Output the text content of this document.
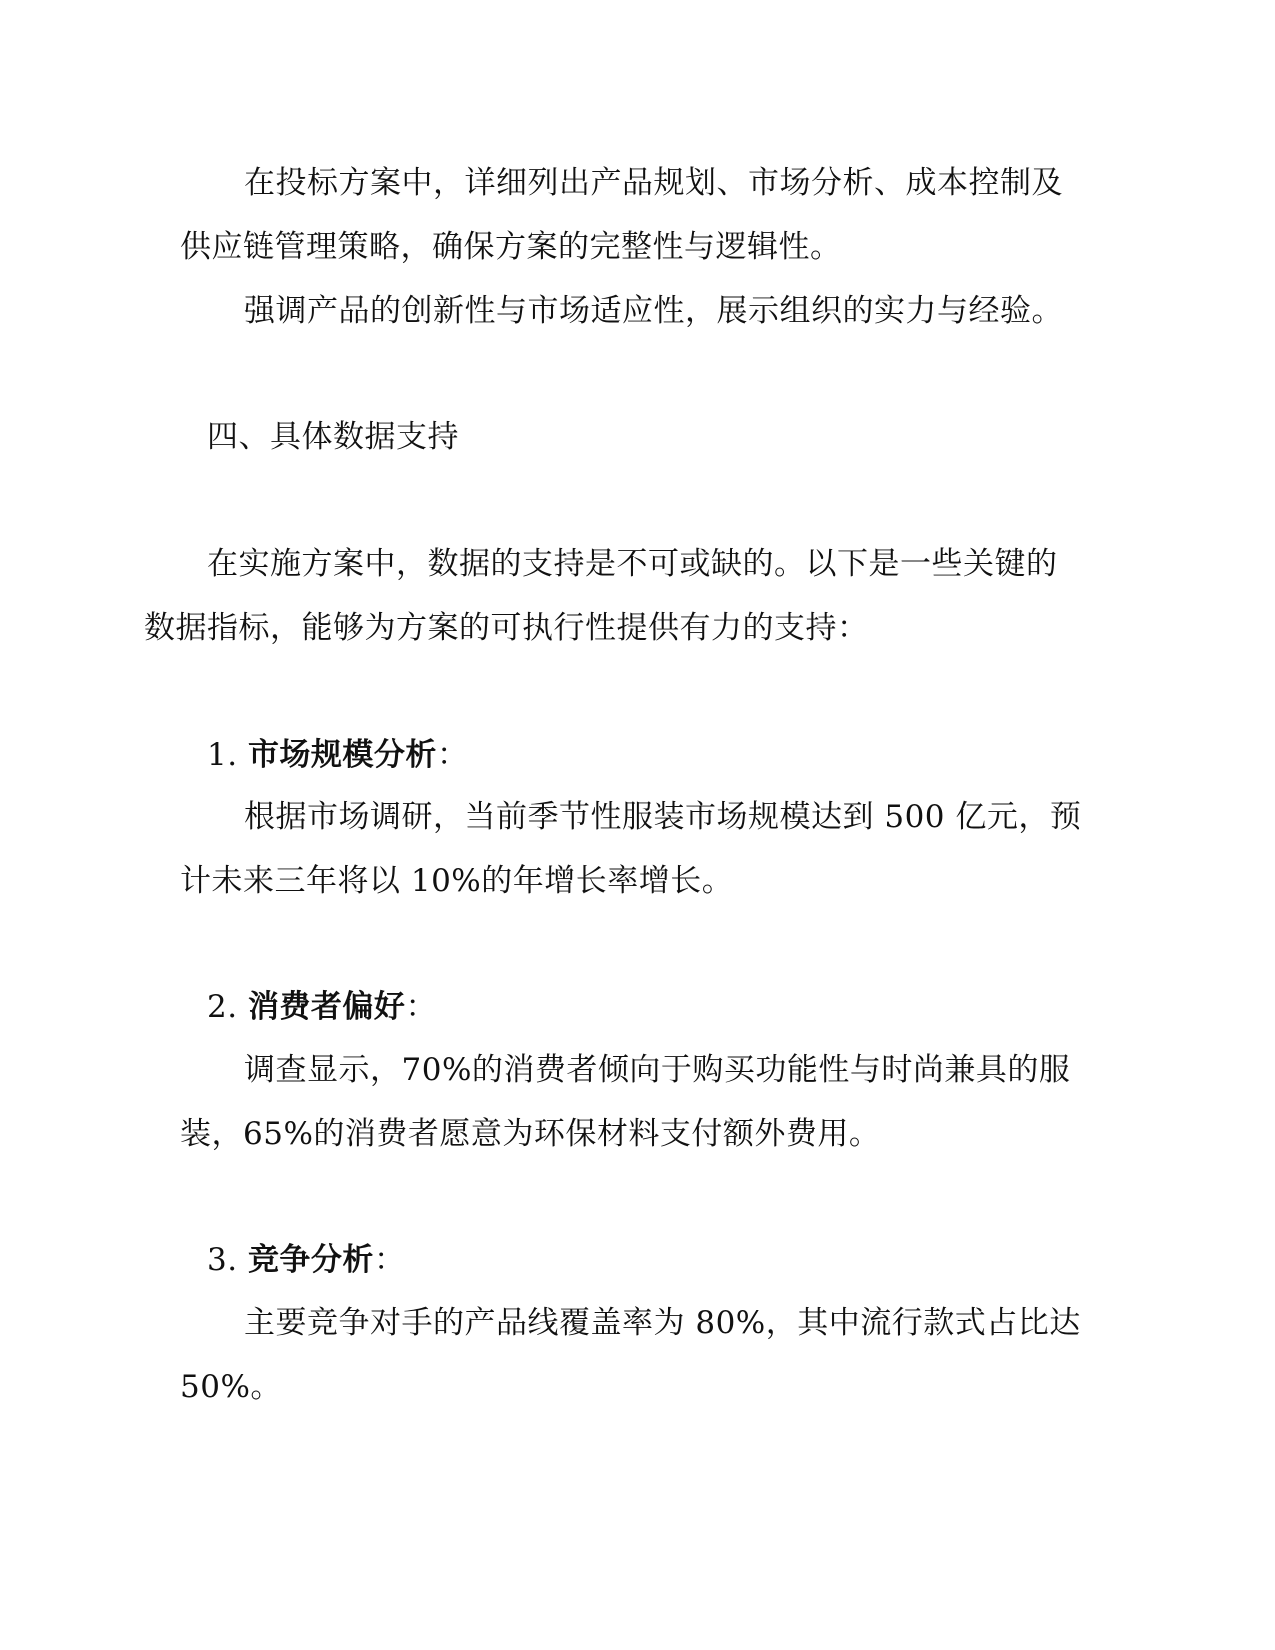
在投标方案中，详细列出产品规划、市场分析、成本控制及
供应链管理策略，确保方案的完整性与逻辑性。
强调产品的创新性与市场适应性，展示组织的实力与经验。
四、具体数据支持
在实施方案中，数据的支持是不可或缺的。以下是一些关键的
数据指标，能够为方案的可执行性提供有力的支持：
1. 市场规模分析：
根据市场调研，当前季节性服装市场规模达到 500 亿元，预
计未来三年将以 10%的年增长率增长。
2. 消费者偏好：
调查显示，70%的消费者倾向于购买功能性与时尚兼具的服
装，65%的消费者愿意为环保材料支付额外费用。
3. 竞争分析：
主要竞争对手的产品线覆盖率为 80%，其中流行款式占比达
50%。
